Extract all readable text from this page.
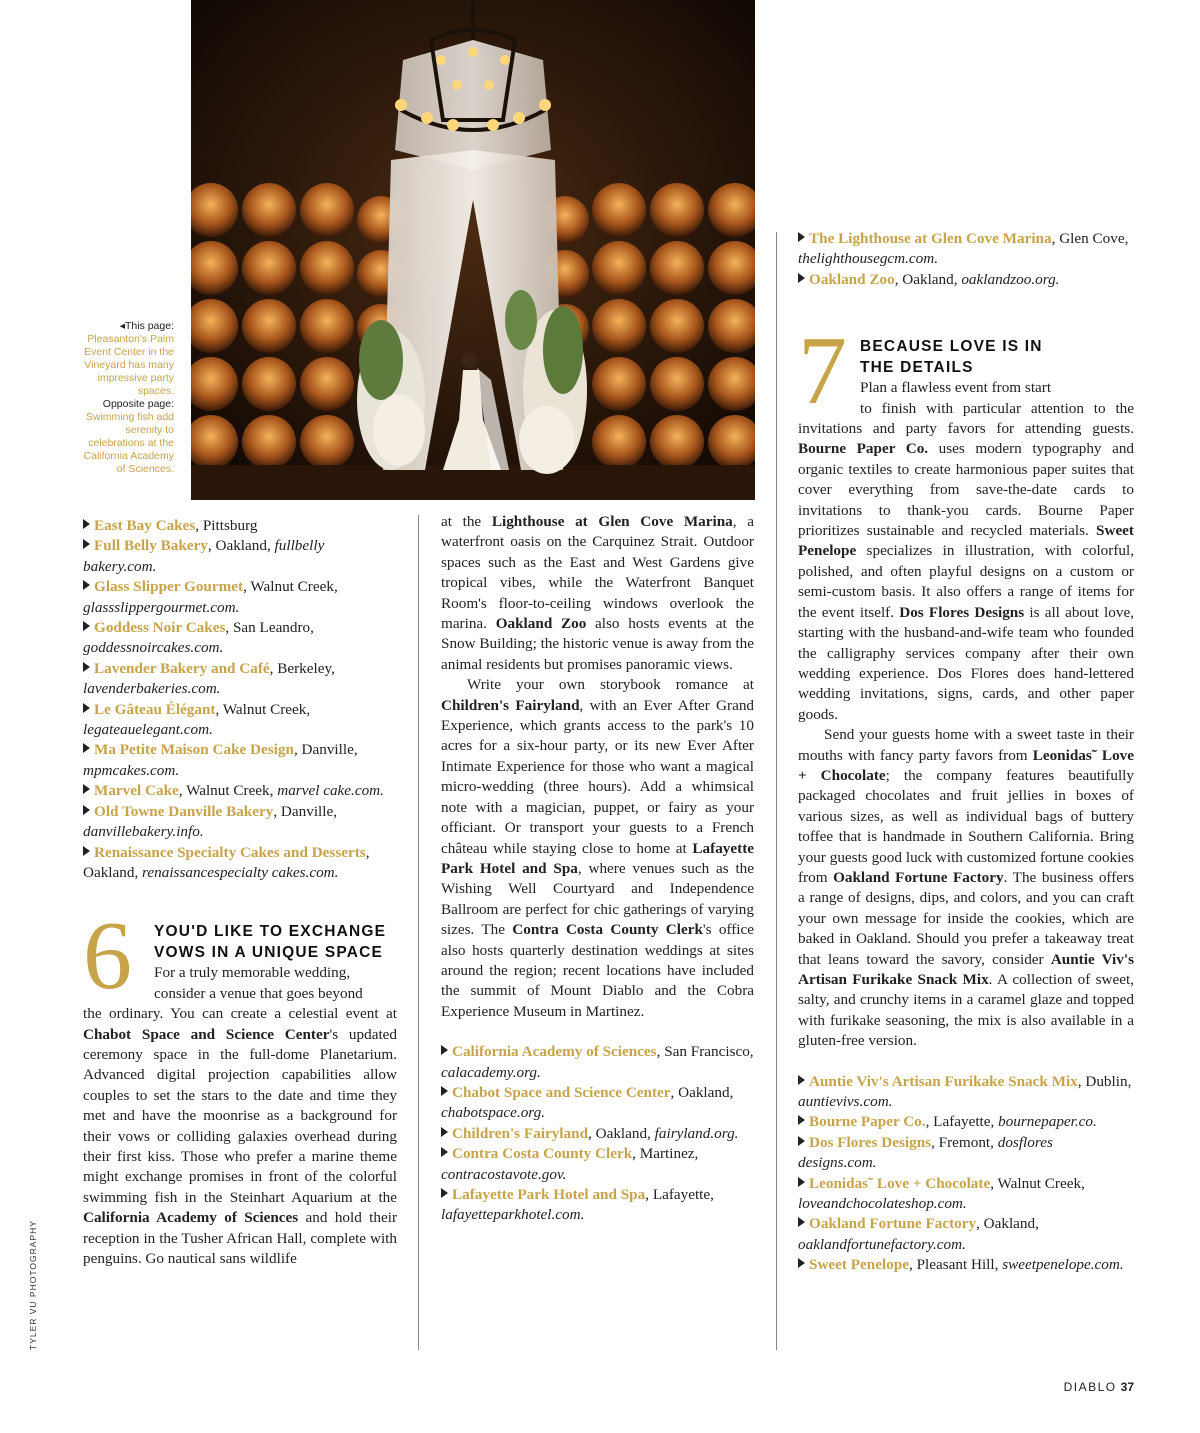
◂This page: Pleasanton's Palm Event Center in the Vineyard has many impressive party spaces.
Opposite page: Swimming fish add serenity to celebrations at the California Academy of Sciences.
TYLER VU PHOTOGRAPHY

East Bay Cakes, Pittsburg

Full Belly Bakery, Oakland, fullbelly bakery.com.

Glass Slipper Gourmet, Walnut Creek, glassslippergourmet.com.

Goddess Noir Cakes, San Leandro, goddessnoircakes.com.

Lavender Bakery and Café, Berkeley, lavenderbakeries.com.

Le Gâteau Élégant, Walnut Creek, legateauelegant.com.

Ma Petite Maison Cake Design, Danville, mpmcakes.com.

Marvel Cake, Walnut Creek, marvel cake.com.

Old Towne Danville Bakery, Danville, danvillebakery.info.

Renaissance Specialty Cakes and Desserts, Oakland, renaissancespecialty cakes.com.

6 YOU'D LIKE TO EXCHANGE
VOWS IN A UNIQUE SPACE
For a truly memorable wedding,
consider a venue that goes beyond
the ordinary. You can create a celestial event at Chabot Space and Science Center's updated ceremony space in the full-dome Planetarium. Advanced digital projection capabilities allow couples to set the stars to the date and time they met and have the moonrise as a background for their vows or colliding galaxies overhead during their first kiss. Those who prefer a marine theme might exchange promises in front of the colorful swimming fish in the Steinhart Aquarium at the California Academy of Sciences and hold their reception in the Tusher African Hall, complete with penguins. Go nautical sans wildlife
at the Lighthouse at Glen Cove Marina, a waterfront oasis on the Carquinez Strait. Outdoor spaces such as the East and West Gardens give tropical vibes, while the Waterfront Banquet Room's floor-to-ceiling windows overlook the marina. Oakland Zoo also hosts events at the Snow Building; the historic venue is away from the animal residents but promises panoramic views.
Write your own storybook romance at Children's Fairyland, with an Ever After Grand Experience, which grants access to the park's 10 acres for a six-hour party, or its new Ever After Intimate Experience for those who want a magical micro-wedding (three hours). Add a whimsical note with a magician, puppet, or fairy as your officiant. Or transport your guests to a French château while staying close to home at Lafayette Park Hotel and Spa, where venues such as the Wishing Well Courtyard and Independence Ballroom are perfect for chic gatherings of varying sizes. The Contra Costa County Clerk's office also hosts quarterly destination weddings at sites around the region; recent locations have included the summit of Mount Diablo and the Cobra Experience Museum in Martinez.

California Academy of Sciences, San Francisco, calacademy.org.

Chabot Space and Science Center, Oakland, chabotspace.org.

Children's Fairyland, Oakland, fairyland.org.

Contra Costa County Clerk, Martinez, contracostavote.gov.

Lafayette Park Hotel and Spa, Lafayette, lafayetteparkhotel.com.

The Lighthouse at Glen Cove Marina, Glen Cove, thelighthousegcm.com.

Oakland Zoo, Oakland, oaklandzoo.org.

7 BECAUSE LOVE IS IN
THE DETAILS
Plan a flawless event from start
to finish with particular attention to the invitations and party favors for attending guests. Bourne Paper Co. uses modern typography and organic textiles to create harmonious paper suites that cover everything from save-the-date cards to invitations to thank-you cards. Bourne Paper prioritizes sustainable and recycled materials. Sweet Penelope specializes in illustration, with colorful, polished, and often playful designs on a custom or semi-custom basis. It also offers a range of items for the event itself. Dos Flores Designs is all about love, starting with the husband-and-wife team who founded the calligraphy services company after their own wedding experience. Dos Flores does hand-lettered wedding invitations, signs, cards, and other paper goods.
Send your guests home with a sweet taste in their mouths with fancy party favors from Leonidas˜ Love + Chocolate; the company features beautifully packaged chocolates and fruit jellies in boxes of various sizes, as well as individual bags of buttery toffee that is handmade in Southern California. Bring your guests good luck with customized fortune cookies from Oakland Fortune Factory. The business offers a range of designs, dips, and colors, and you can craft your own message for inside the cookies, which are baked in Oakland. Should you prefer a takeaway treat that leans toward the savory, consider Auntie Viv's Artisan Furikake Snack Mix. A collection of sweet, salty, and crunchy items in a caramel glaze and topped with furikake seasoning, the mix is also available in a gluten-free version.

Auntie Viv's Artisan Furikake Snack Mix, Dublin, auntievivs.com.

Bourne Paper Co., Lafayette, bournepaper.co.

Dos Flores Designs, Fremont, dosflores designs.com.

Leonidas˜ Love + Chocolate, Walnut Creek, loveandchocolateshop.com.

Oakland Fortune Factory, Oakland, oaklandfortunefactory.com.

Sweet Penelope, Pleasant Hill, sweetpenelope.com.

DIABLO 37
